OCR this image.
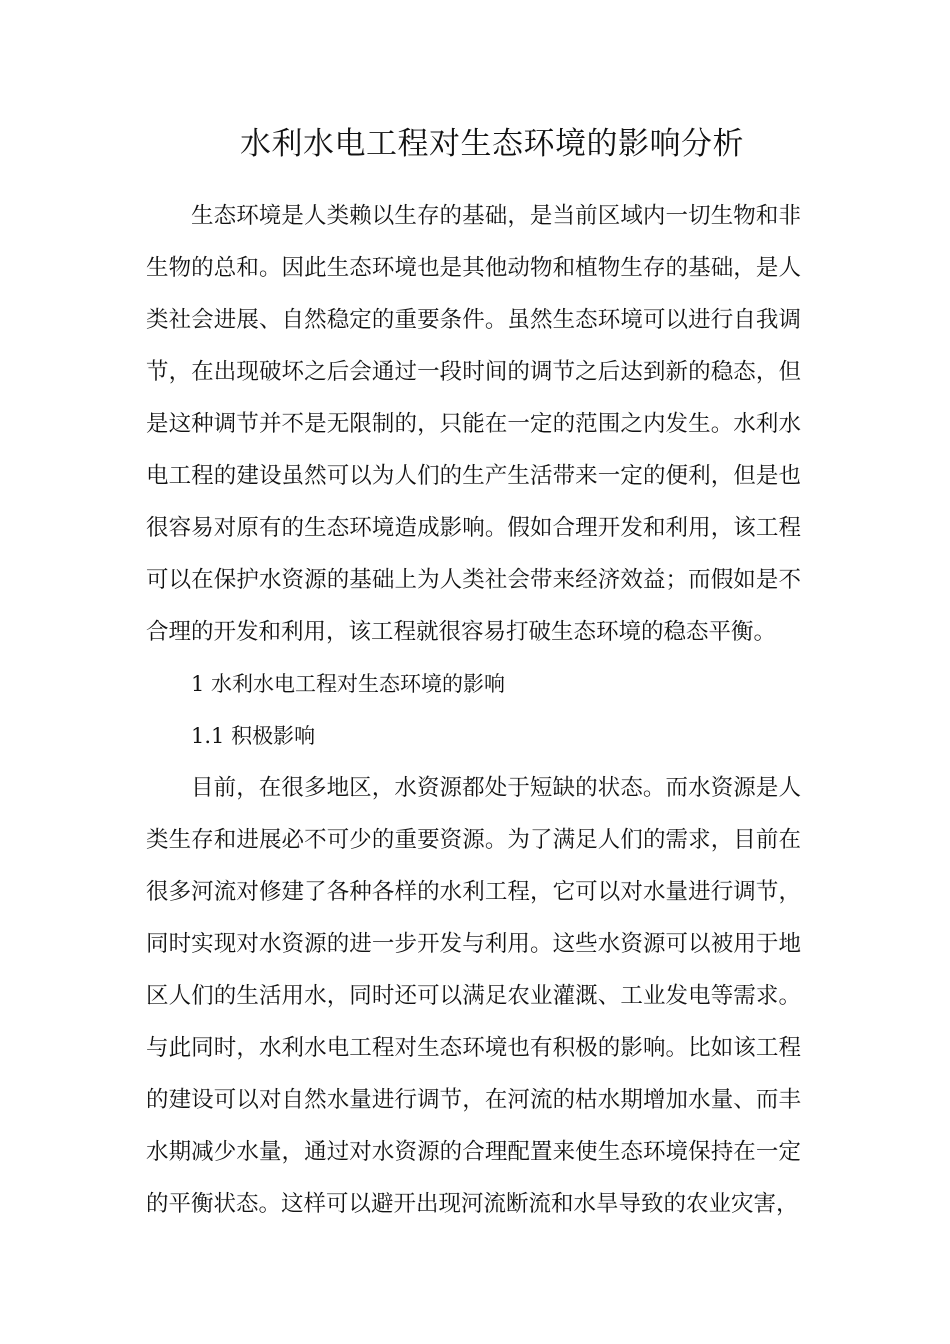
水利水电工程对生态环境的影响分析

生态环境是人类赖以生存的基础，是当前区域内一切生物和非生物的总和。因此生态环境也是其他动物和植物生存的基础，是人类社会进展、自然稳定的重要条件。虽然生态环境可以进行自我调节，在出现破坏之后会通过一段时间的调节之后达到新的稳态，但是这种调节并不是无限制的，只能在一定的范围之内发生。水利水电工程的建设虽然可以为人们的生产生活带来一定的便利，但是也很容易对原有的生态环境造成影响。假如合理开发和利用，该工程可以在保护水资源的基础上为人类社会带来经济效益；而假如是不合理的开发和利用，该工程就很容易打破生态环境的稳态平衡。

1 水利水电工程对生态环境的影响

1.1 积极影响

目前，在很多地区，水资源都处于短缺的状态。而水资源是人类生存和进展必不可少的重要资源。为了满足人们的需求，目前在很多河流对修建了各种各样的水利工程，它可以对水量进行调节，同时实现对水资源的进一步开发与利用。这些水资源可以被用于地区人们的生活用水，同时还可以满足农业灌溉、工业发电等需求。与此同时，水利水电工程对生态环境也有积极的影响。比如该工程的建设可以对自然水量进行调节，在河流的枯水期增加水量、而丰水期减少水量，通过对水资源的合理配置来使生态环境保持在一定的平衡状态。这样可以避开出现河流断流和水旱导致的农业灾害，
